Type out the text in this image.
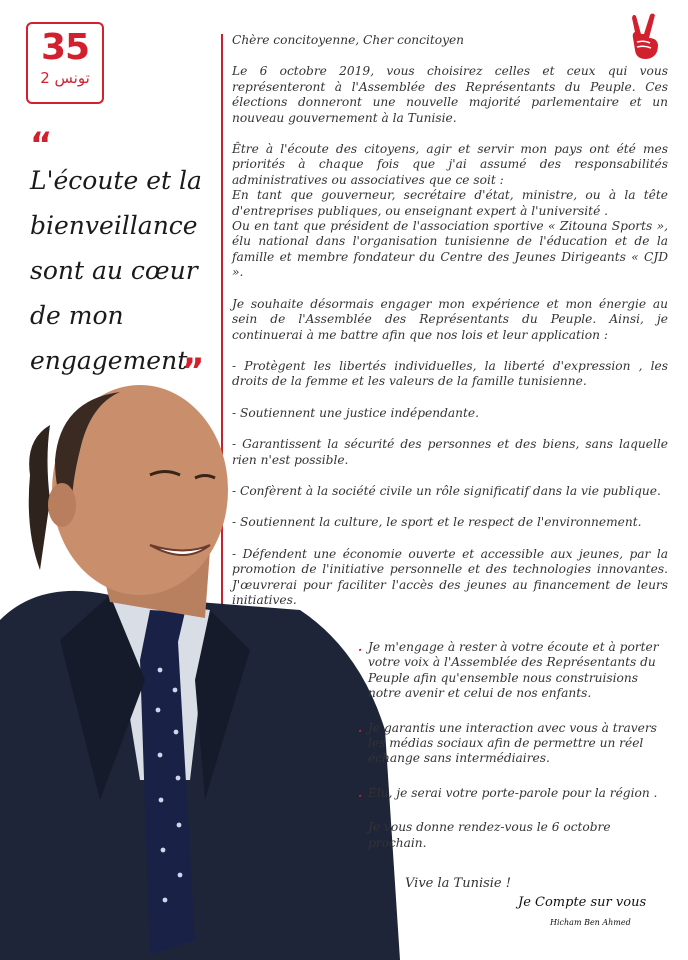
35
تونس 2
“
L'écoute et la
bienveillance
sont au cœur
de mon
engagement
”

Chère concitoyenne, Cher concitoyen

Le 6 octobre 2019, vous choisirez celles et ceux qui vous représenteront à l'Assemblée des Représentants du Peuple. Ces élections donneront une nouvelle majorité parlementaire et un nouveau gouvernement à la Tunisie.

Être à l'écoute des citoyens, agir et servir mon pays ont été mes priorités à chaque fois que j'ai assumé des responsabilités administratives ou associatives que ce soit :

En tant que gouverneur, secrétaire d'état, ministre, ou à la tête d'entreprises publiques, ou enseignant expert à l'université .

Ou en tant que président de l'association sportive « Zitouna Sports », élu national dans l'organisation tunisienne de l'éducation et de la famille et membre fondateur du Centre des Jeunes Dirigeants « CJD ».

Je souhaite désormais engager mon expérience et mon énergie au sein de l'Assemblée des Représentants du Peuple. Ainsi, je continuerai à me battre afin que nos lois et leur application :

- Protègent les libertés individuelles, la liberté d'expression , les droits de la femme et les valeurs de la famille tunisienne.

- Soutiennent une justice indépendante.

- Garantissent la sécurité des personnes et des biens, sans laquelle rien n'est possible.

- Confèrent à la société civile un rôle significatif dans la vie publique.

- Soutiennent la culture, le sport et le respect de l'environnement.

- Défendent une économie ouverte et accessible aux jeunes, par la promotion de l'initiative personnelle et des technologies innovantes. J'œuvrerai pour faciliter l'accès des jeunes au financement de leurs initiatives.

. Je m'engage à rester à votre écoute et à porter votre voix à l'Assemblée des Représentants du Peuple afin qu'ensemble nous construisions notre avenir et celui de nos enfants.

. Je garantis une interaction avec vous à travers les médias sociaux afin de permettre un réel échange sans intermédiaires.

. Élu, je serai votre porte-parole pour la région .

Je vous donne rendez-vous le 6 octobre prochain.

Vive la Tunisie !
Je Compte sur vous
Hicham Ben Ahmed
